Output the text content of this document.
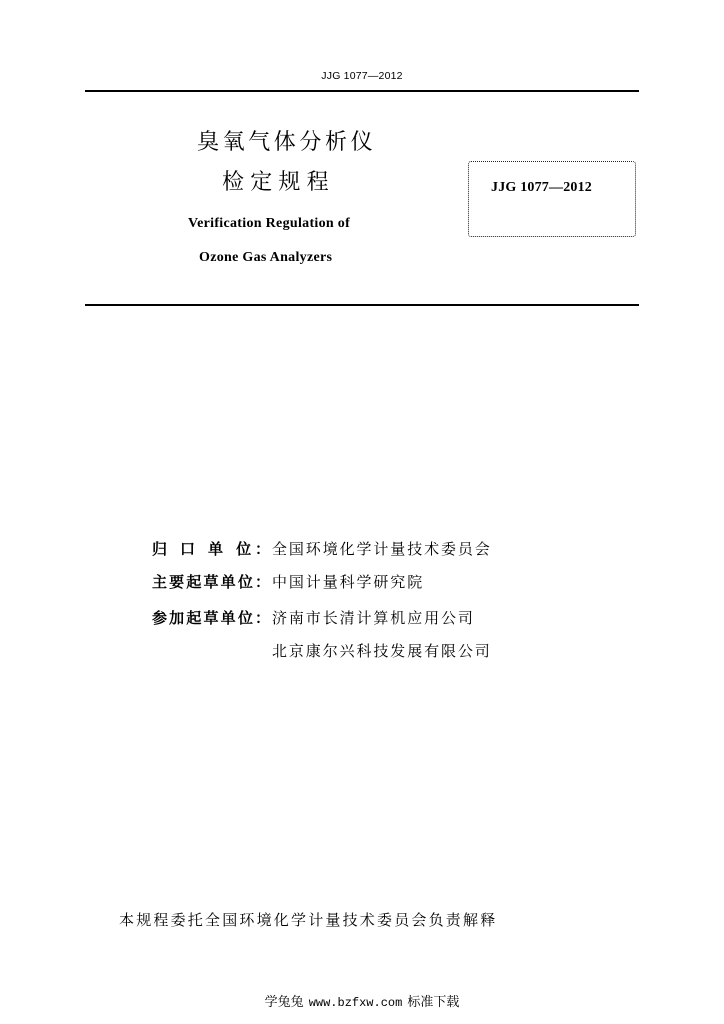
JJG 1077—2012
臭氧气体分析仪
检定规程
Verification Regulation of
Ozone Gas Analyzers
JJG 1077—2012
归 口 单 位： 全国环境化学计量技术委员会
主要起草单位： 中国计量科学研究院
参加起草单位： 济南市长清计算机应用公司
北京康尔兴科技发展有限公司
本规程委托全国环境化学计量技术委员会负责解释
学兔兔 www.bzfxw.com 标准下载
